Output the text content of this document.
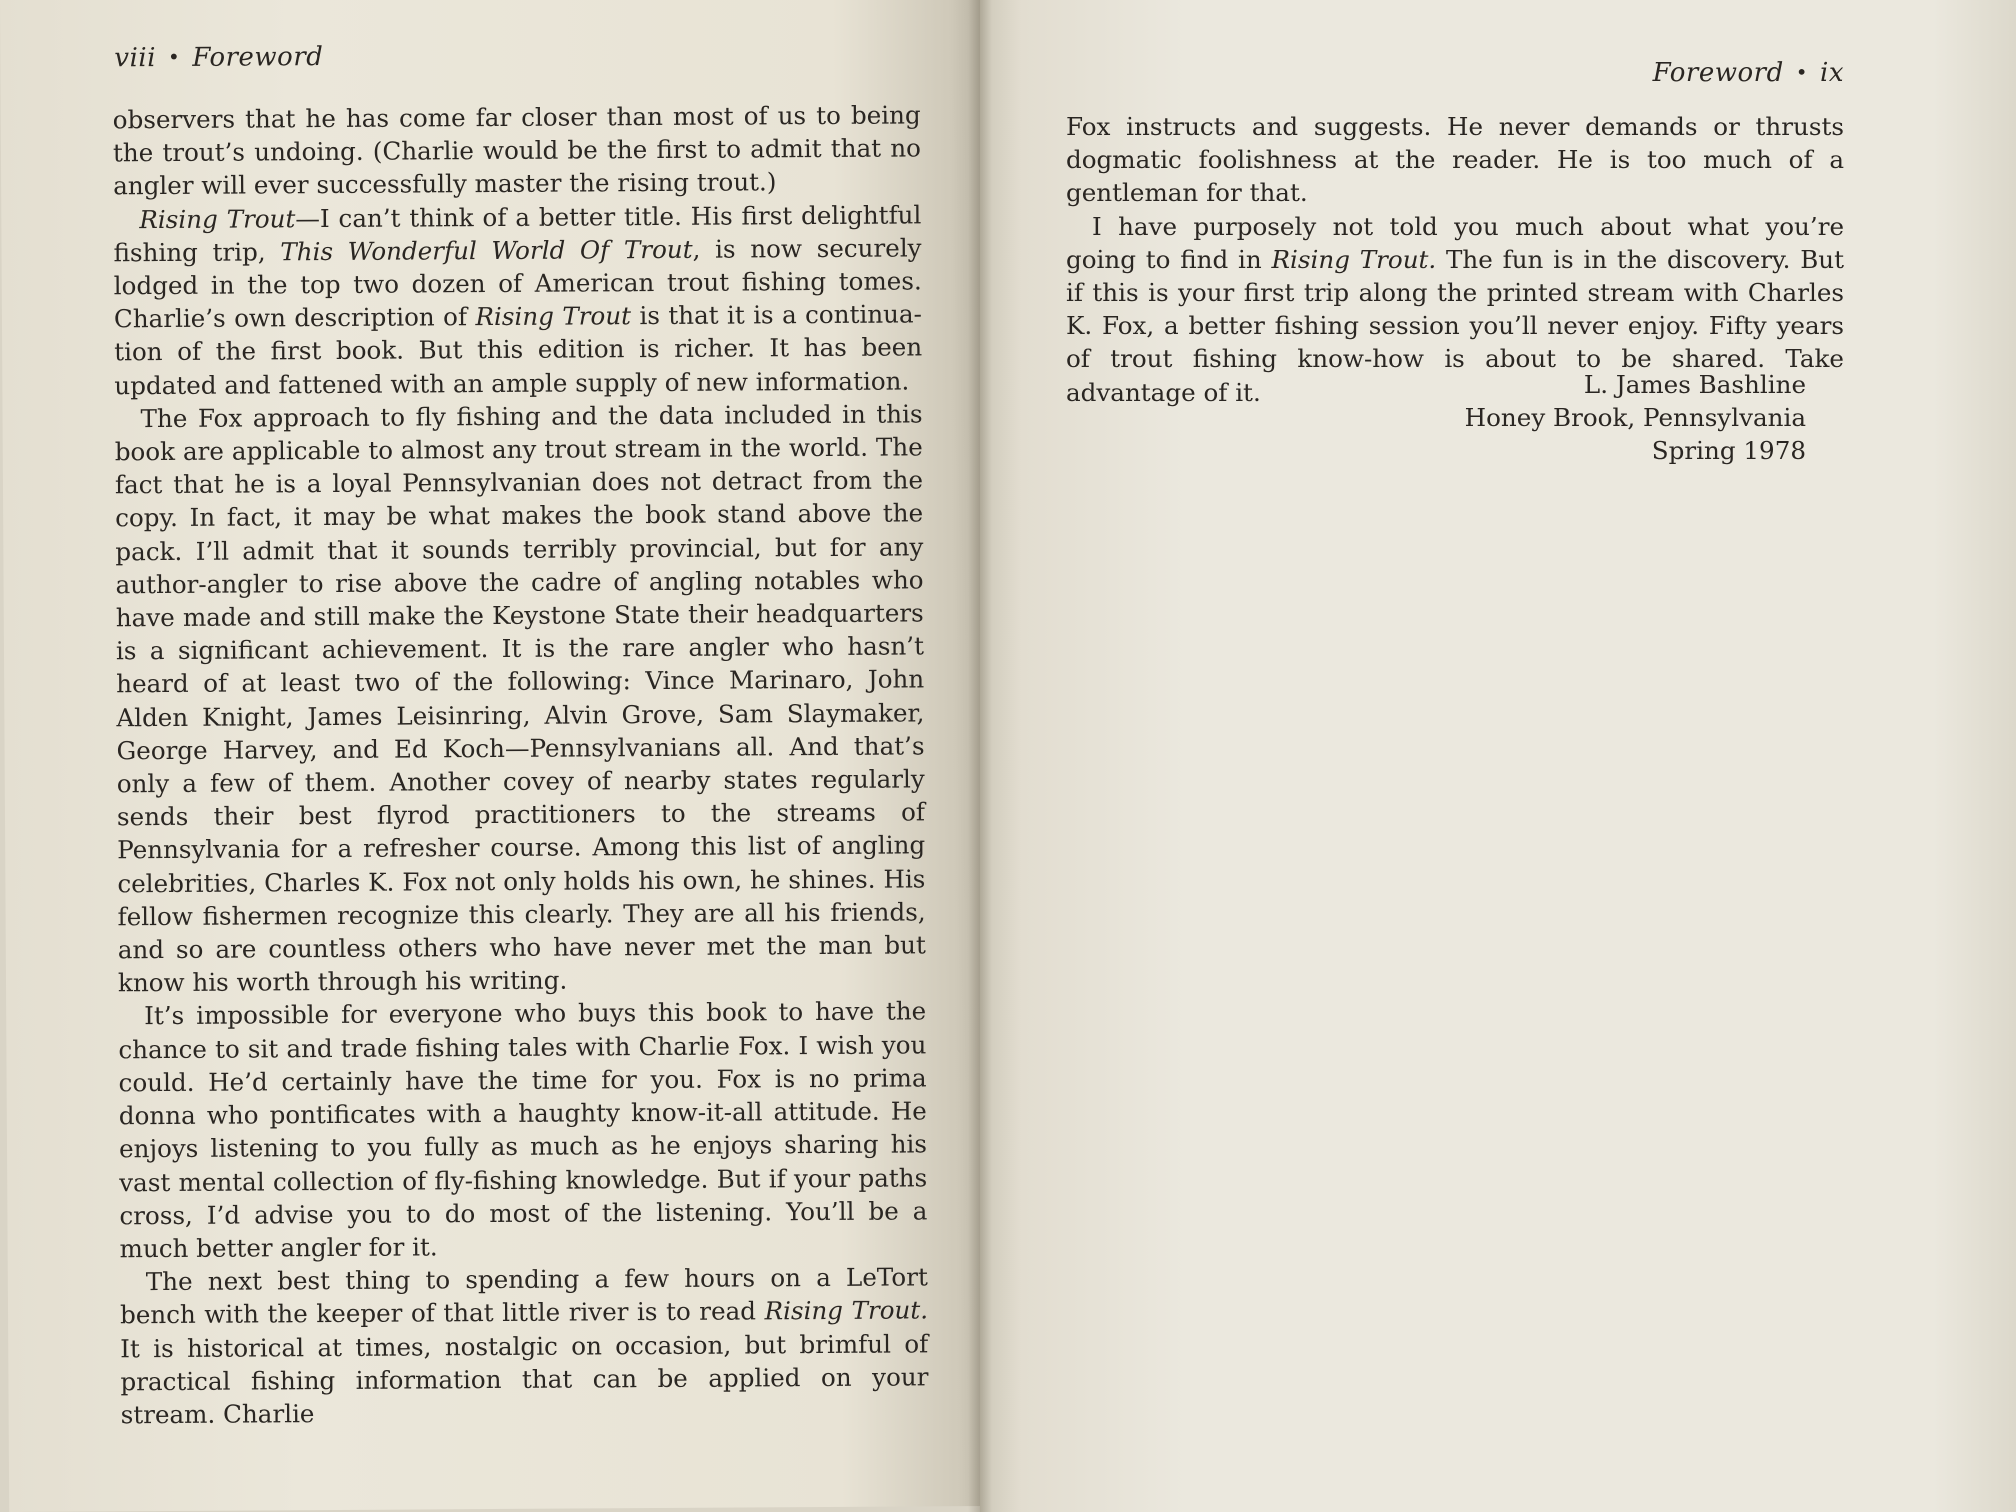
viii • Foreword

observers that he has come far closer than most of us to being the trout’s undoing. (Charlie would be the first to admit that no angler will ever successfully master the rising trout.)

Rising Trout—I can’t think of a better title. His first delightful fishing trip, This Wonderful World Of Trout, is now securely lodged in the top two dozen of American trout fishing tomes. Charlie’s own description of Rising Trout is that it is a continuation of the first book. But this edition is richer. It has been updated and fattened with an ample supply of new information.

The Fox approach to fly fishing and the data included in this book are applicable to almost any trout stream in the world. The fact that he is a loyal Pennsylvanian does not detract from the copy. In fact, it may be what makes the book stand above the pack. I’ll admit that it sounds terribly provincial, but for any author-angler to rise above the cadre of angling notables who have made and still make the Keystone State their headquarters is a significant achievement. It is the rare angler who hasn’t heard of at least two of the following: Vince Marinaro, John Alden Knight, James Leisinring, Alvin Grove, Sam Slaymaker, George Harvey, and Ed Koch—Pennsylvanians all. And that’s only a few of them. Another covey of nearby states regularly sends their best flyrod practitioners to the streams of Pennsylvania for a refresher course. Among this list of angling celebrities, Charles K. Fox not only holds his own, he shines. His fellow fishermen recognize this clearly. They are all his friends, and so are countless others who have never met the man but know his worth through his writing.

It’s impossible for everyone who buys this book to have the chance to sit and trade fishing tales with Charlie Fox. I wish you could. He’d certainly have the time for you. Fox is no prima donna who pontificates with a haughty know-it-all attitude. He enjoys listening to you fully as much as he enjoys sharing his vast mental collection of fly-fishing knowledge. But if your paths cross, I’d advise you to do most of the listening. You’ll be a much better angler for it.

The next best thing to spending a few hours on a LeTort bench with the keeper of that little river is to read Rising Trout. It is historical at times, nostalgic on occasion, but brimful of practical fishing information that can be applied on your stream. Charlie

Foreword • ix

Fox instructs and suggests. He never demands or thrusts dogmatic foolishness at the reader. He is too much of a gentleman for that.

I have purposely not told you much about what you’re going to find in Rising Trout. The fun is in the discovery. But if this is your first trip along the printed stream with Charles K. Fox, a better fishing session you’ll never enjoy. Fifty years of trout fishing know-how is about to be shared. Take advantage of it.	L. James Bashline
Honey Brook, Pennsylvania
Spring 1978
